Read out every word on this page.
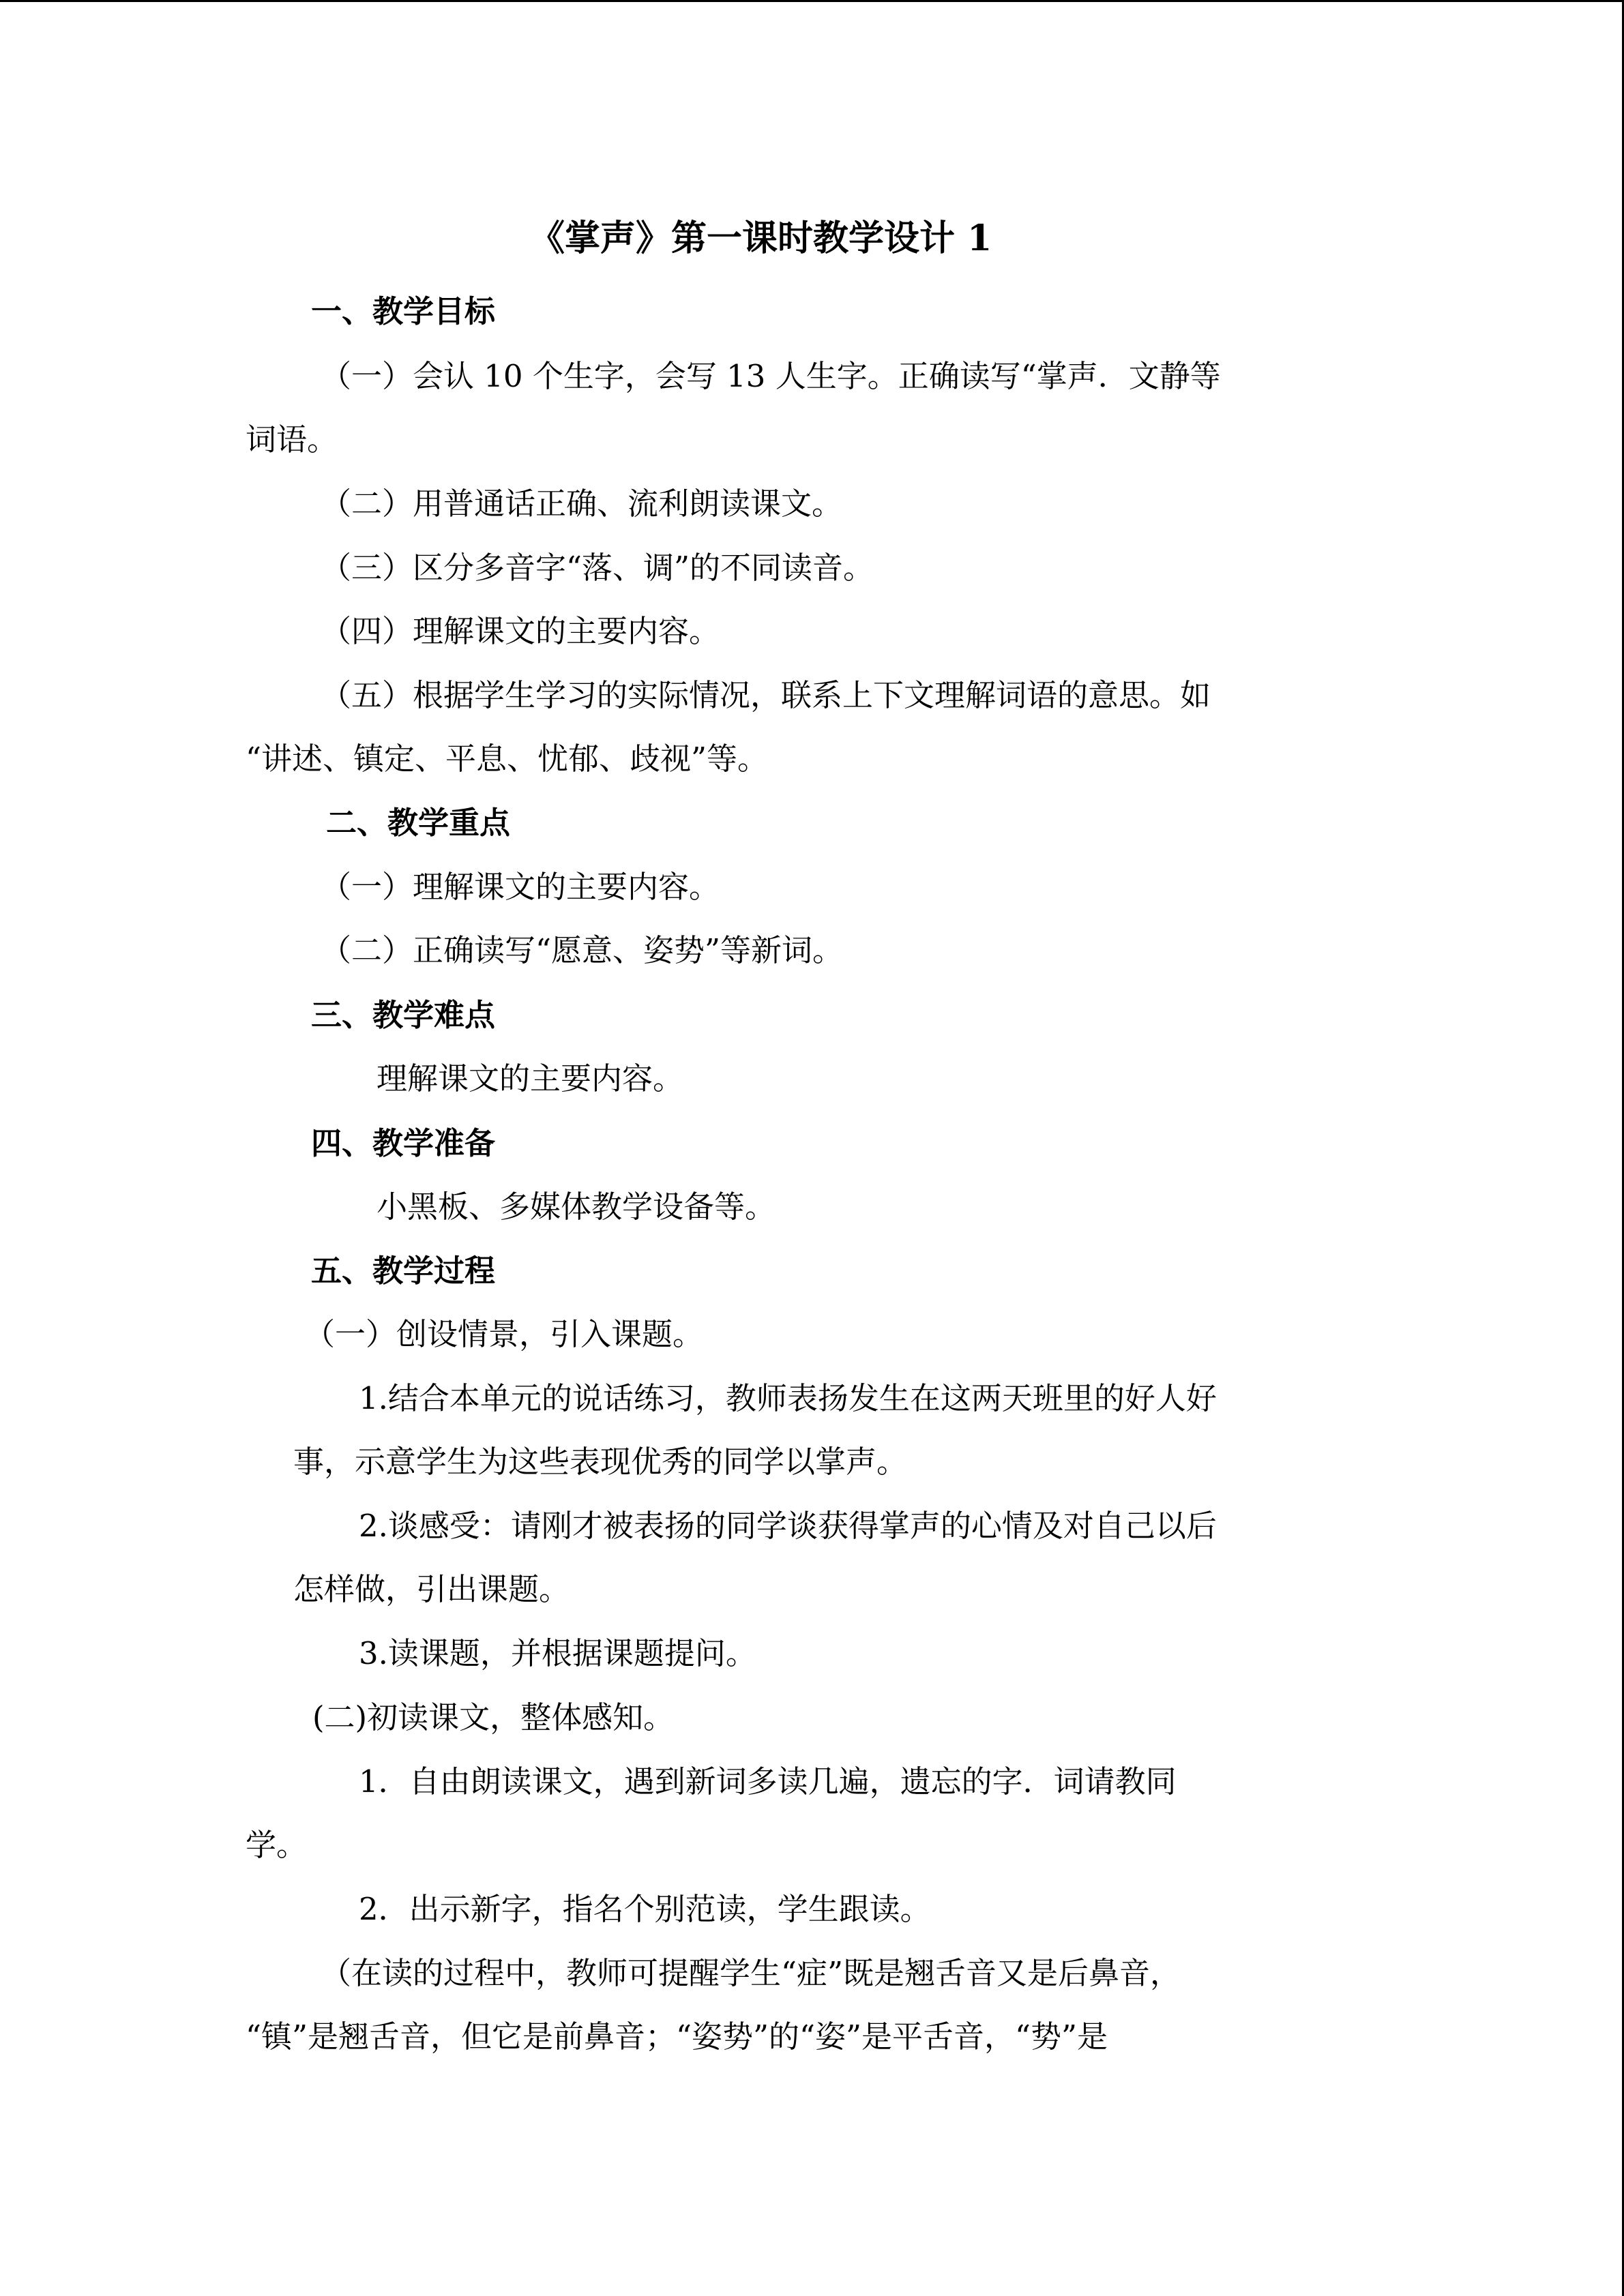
《掌声》第一课时教学设计 1
一、教学目标
（一）会认 10 个生字，会写 13 人生字。正确读写“掌声．文静等
词语。
（二）用普通话正确、流利朗读课文。
（三）区分多音字“落、调”的不同读音。
（四）理解课文的主要内容。
（五）根据学生学习的实际情况，联系上下文理解词语的意思。如
“讲述、镇定、平息、忧郁、歧视”等。
二、教学重点
（一）理解课文的主要内容。
（二）正确读写“愿意、姿势”等新词。
三、教学难点
理解课文的主要内容。
四、教学准备
小黑板、多媒体教学设备等。
五、教学过程
（一）创设情景，引入课题。
1.结合本单元的说话练习，教师表扬发生在这两天班里的好人好
事，示意学生为这些表现优秀的同学以掌声。
2.谈感受：请刚才被表扬的同学谈获得掌声的心情及对自己以后
怎样做，引出课题。
3.读课题，并根据课题提问。
(二)初读课文，整体感知。
1．自由朗读课文，遇到新词多读几遍，遗忘的字．词请教同
学。
2．出示新字，指名个别范读，学生跟读。
（在读的过程中，教师可提醒学生“症”既是翘舌音又是后鼻音，
“镇”是翘舌音，但它是前鼻音；“姿势”的“姿”是平舌音，“势”是
